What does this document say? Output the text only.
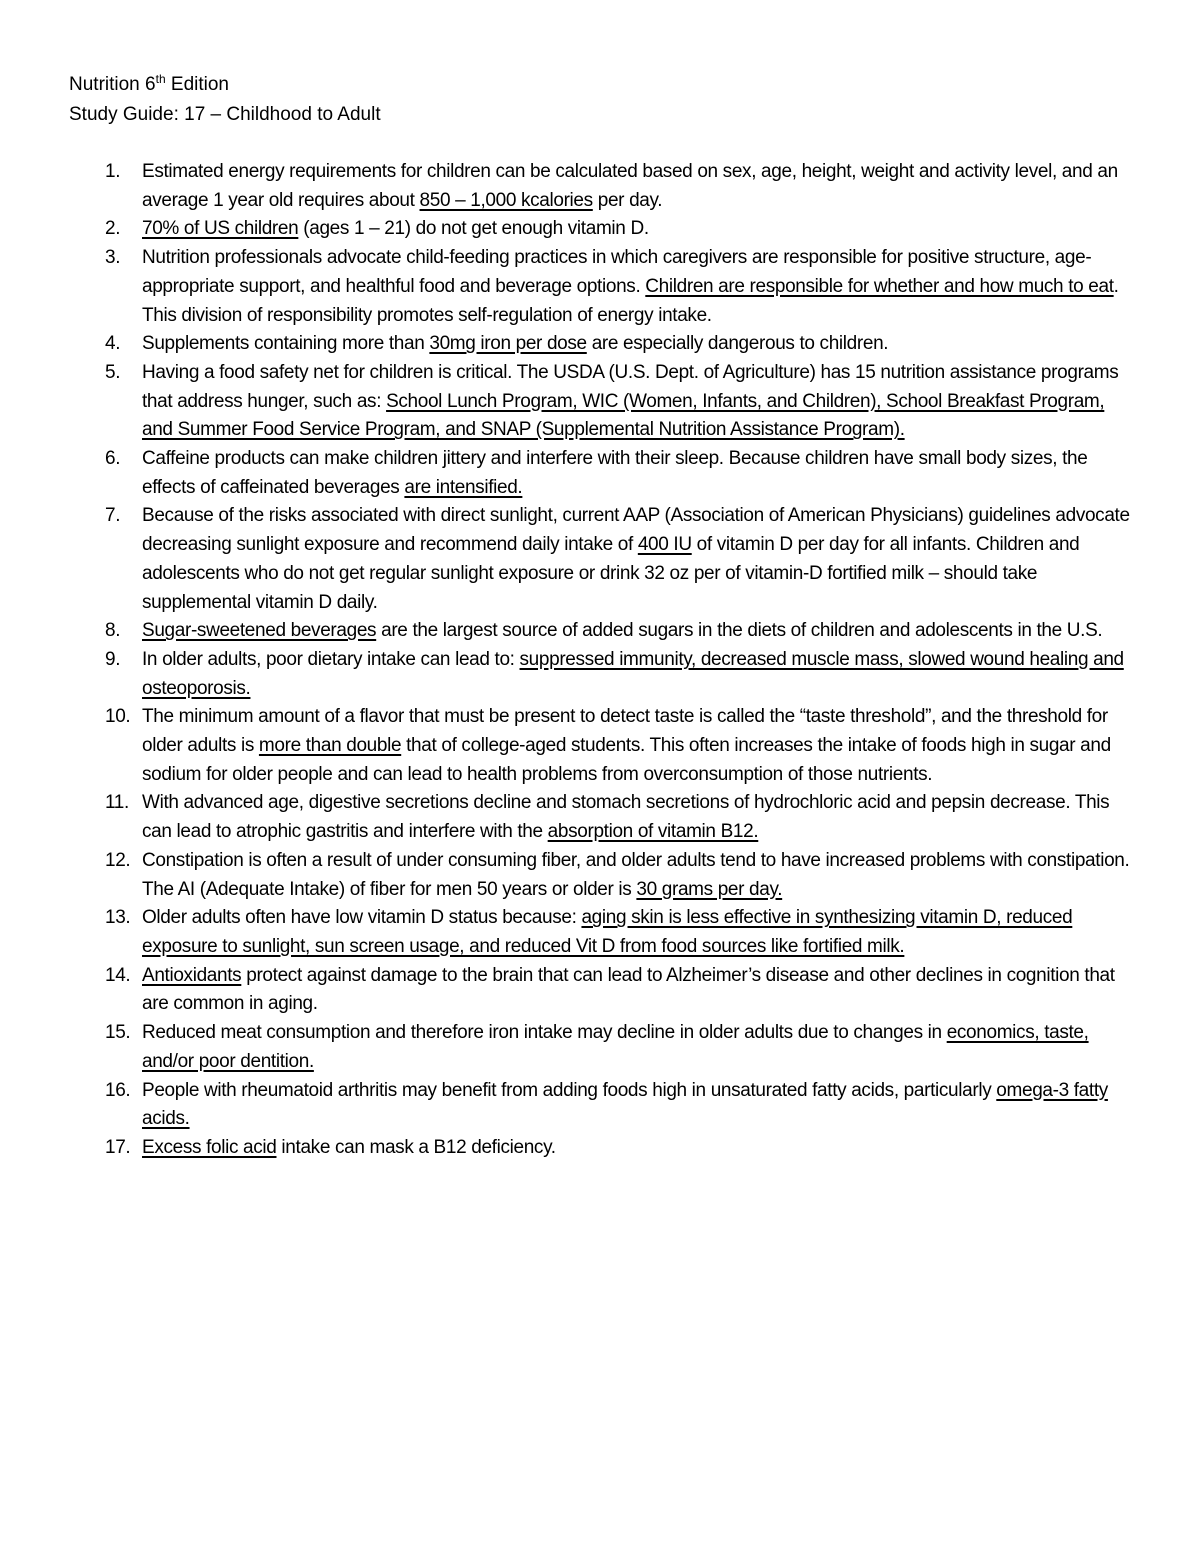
Nutrition 6th Edition
Study Guide: 17 – Childhood to Adult
1.	Estimated energy requirements for children can be calculated based on sex, age, height, weight and activity level, and an average 1 year old requires about 850 – 1,000 kcalories per day.
2.	70% of US children (ages 1 – 21) do not get enough vitamin D.
3.	Nutrition professionals advocate child-feeding practices in which caregivers are responsible for positive structure, age-appropriate support, and healthful food and beverage options. Children are responsible for whether and how much to eat. This division of responsibility promotes self-regulation of energy intake.
4.	Supplements containing more than 30mg iron per dose are especially dangerous to children.
5.	Having a food safety net for children is critical. The USDA (U.S. Dept. of Agriculture) has 15 nutrition assistance programs that address hunger, such as: School Lunch Program, WIC (Women, Infants, and Children), School Breakfast Program, and Summer Food Service Program, and SNAP (Supplemental Nutrition Assistance Program).
6.	Caffeine products can make children jittery and interfere with their sleep. Because children have small body sizes, the effects of caffeinated beverages are intensified.
7.	Because of the risks associated with direct sunlight, current AAP (Association of American Physicians) guidelines advocate decreasing sunlight exposure and recommend daily intake of 400 IU of vitamin D per day for all infants. Children and adolescents who do not get regular sunlight exposure or drink 32 oz per of vitamin-D fortified milk – should take supplemental vitamin D daily.
8.	Sugar-sweetened beverages are the largest source of added sugars in the diets of children and adolescents in the U.S.
9.	In older adults, poor dietary intake can lead to: suppressed immunity, decreased muscle mass, slowed wound healing and osteoporosis.
10. The minimum amount of a flavor that must be present to detect taste is called the “taste threshold”, and the threshold for older adults is more than double that of college-aged students. This often increases the intake of foods high in sugar and sodium for older people and can lead to health problems from overconsumption of those nutrients.
11. With advanced age, digestive secretions decline and stomach secretions of hydrochloric acid and pepsin decrease. This can lead to atrophic gastritis and interfere with the absorption of vitamin B12.
12. Constipation is often a result of under consuming fiber, and older adults tend to have increased problems with constipation. The AI (Adequate Intake) of fiber for men 50 years or older is 30 grams per day.
13. Older adults often have low vitamin D status because: aging skin is less effective in synthesizing vitamin D, reduced exposure to sunlight, sun screen usage, and reduced Vit D from food sources like fortified milk.
14. Antioxidants protect against damage to the brain that can lead to Alzheimer’s disease and other declines in cognition that are common in aging.
15. Reduced meat consumption and therefore iron intake may decline in older adults due to changes in economics, taste, and/or poor dentition.
16. People with rheumatoid arthritis may benefit from adding foods high in unsaturated fatty acids, particularly omega-3 fatty acids.
17. Excess folic acid intake can mask a B12 deficiency.
